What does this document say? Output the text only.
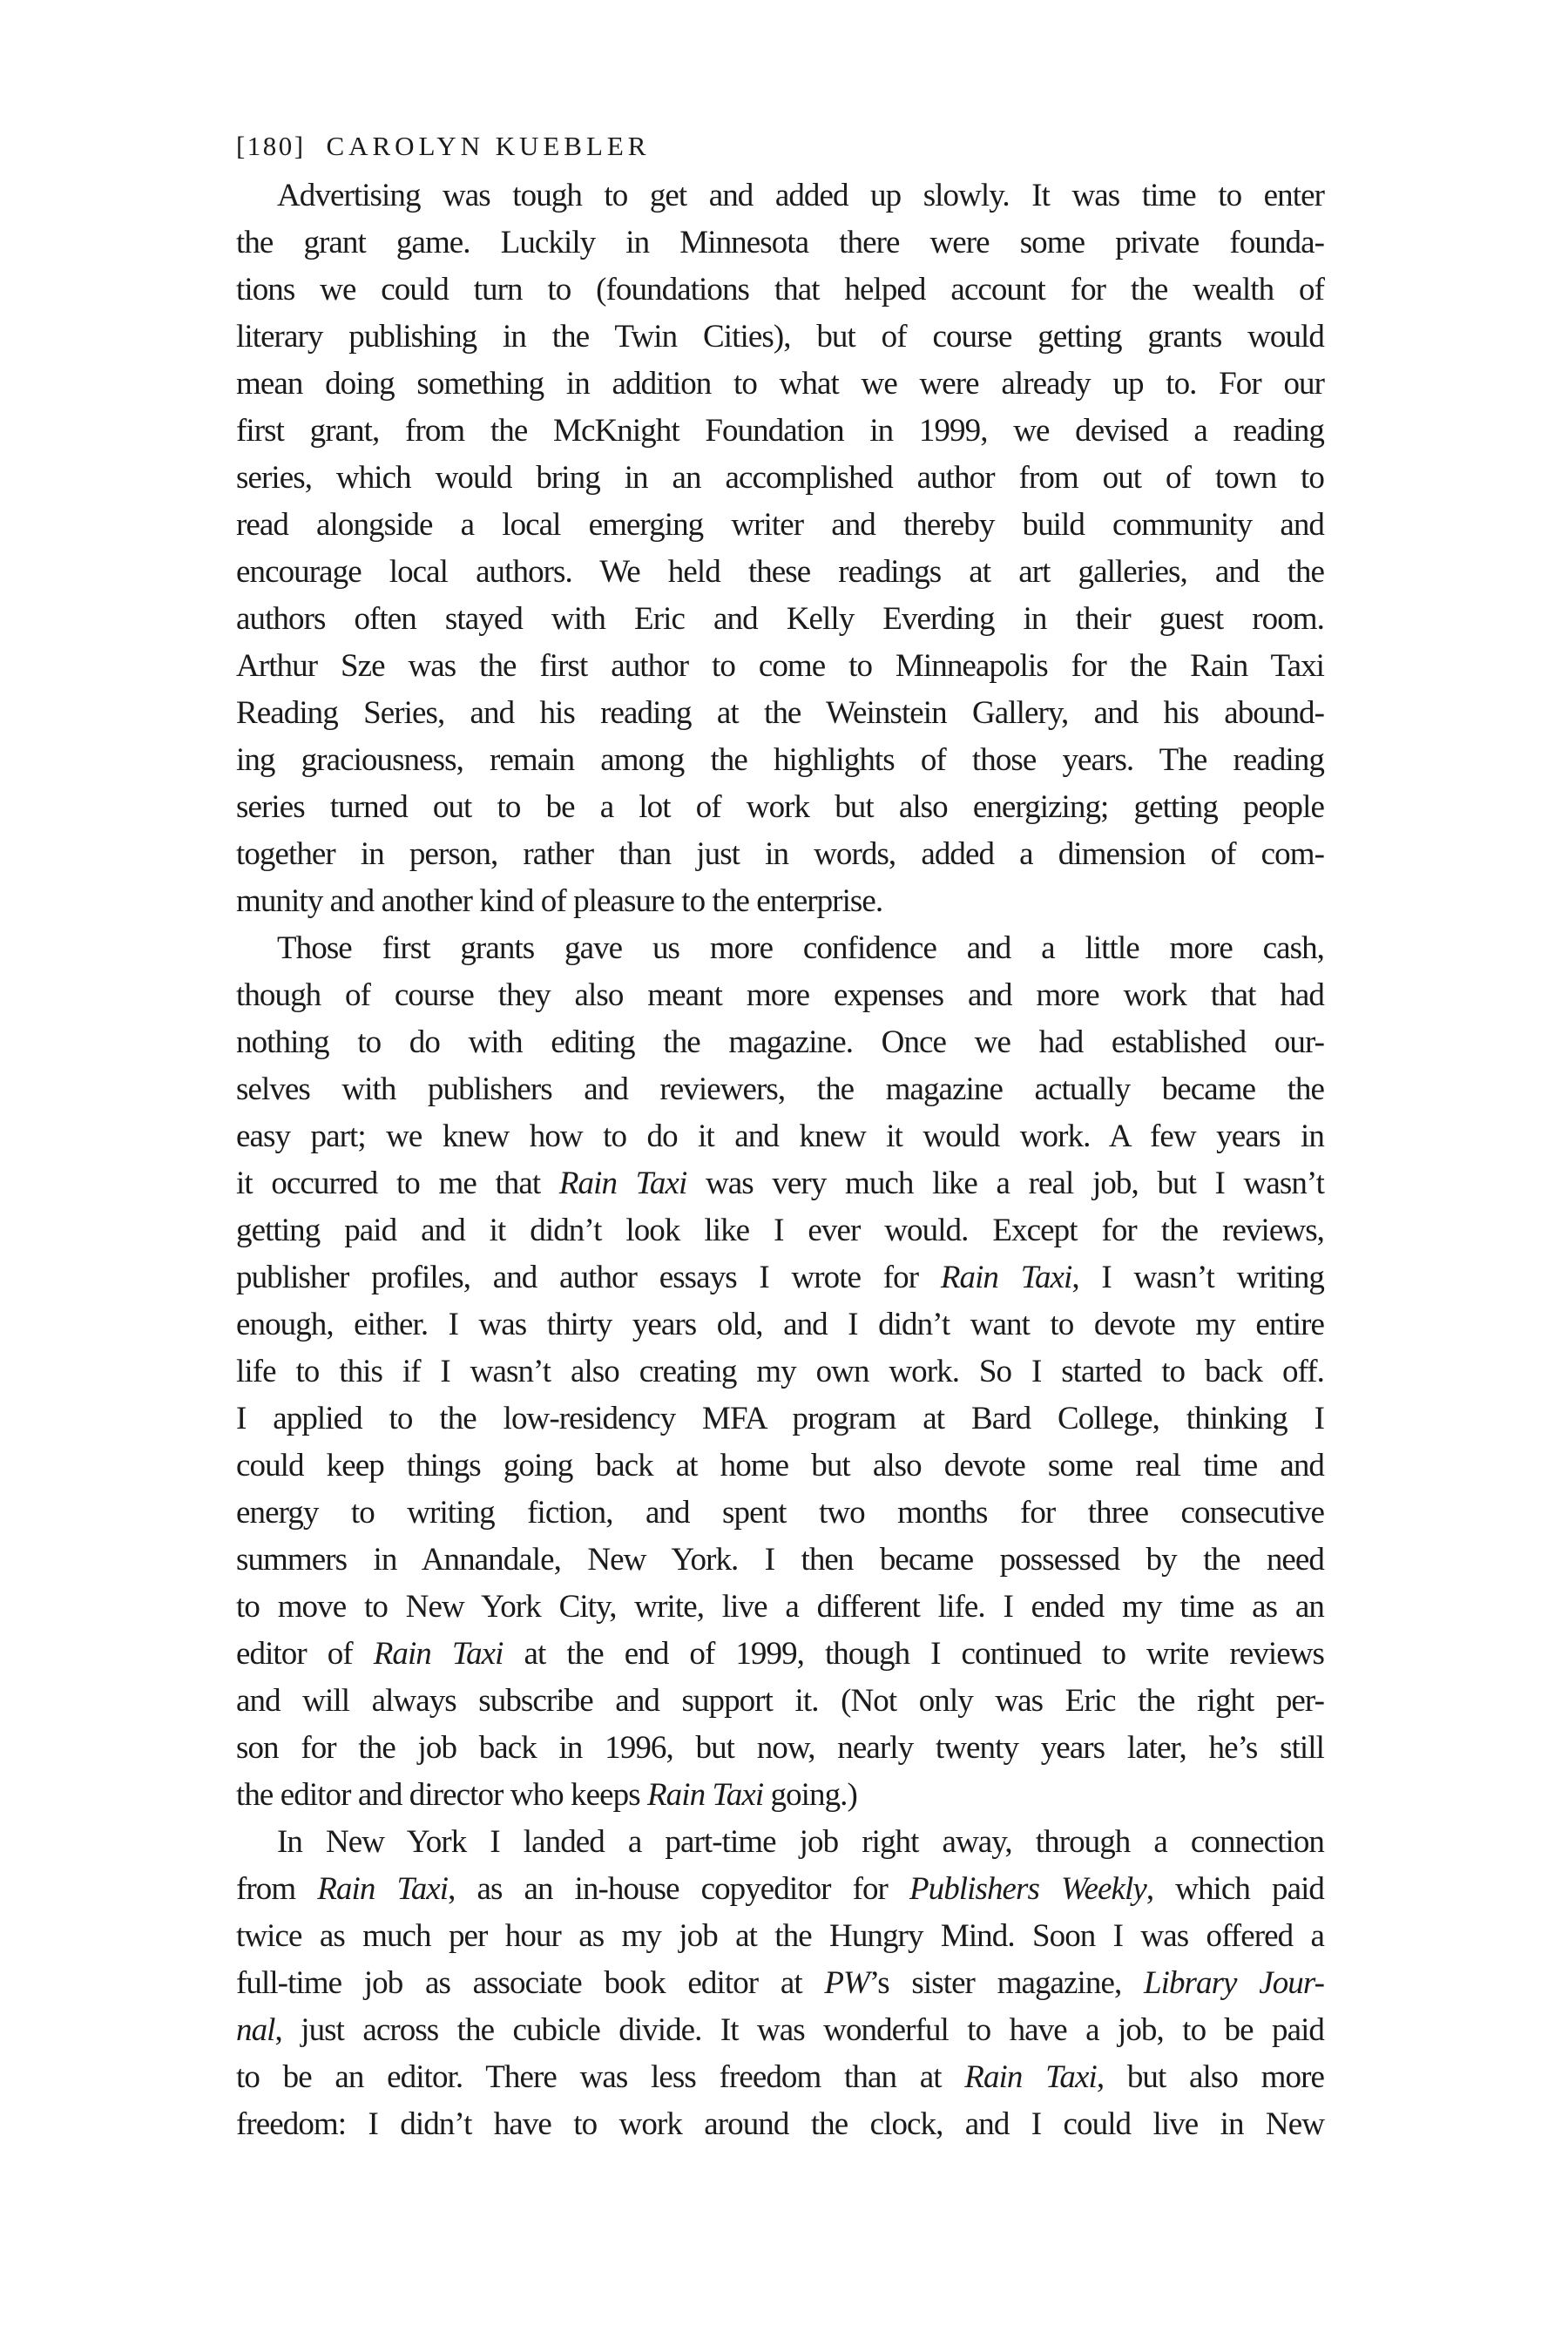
[180] CAROLYN KUEBLER
Advertising was tough to get and added up slowly. It was time to enter
the grant game. Luckily in Minnesota there were some private founda-
tions we could turn to (foundations that helped account for the wealth of
literary publishing in the Twin Cities), but of course getting grants would
mean doing something in addition to what we were already up to. For our
first grant, from the McKnight Foundation in 1999, we devised a reading
series, which would bring in an accomplished author from out of town to
read alongside a local emerging writer and thereby build community and
encourage local authors. We held these readings at art galleries, and the
authors often stayed with Eric and Kelly Everding in their guest room.
Arthur Sze was the first author to come to Minneapolis for the Rain Taxi
Reading Series, and his reading at the Weinstein Gallery, and his abound-
ing graciousness, remain among the highlights of those years. The reading
series turned out to be a lot of work but also energizing; getting people
together in person, rather than just in words, added a dimension of com-
munity and another kind of pleasure to the enterprise.
Those first grants gave us more confidence and a little more cash,
though of course they also meant more expenses and more work that had
nothing to do with editing the magazine. Once we had established our-
selves with publishers and reviewers, the magazine actually became the
easy part; we knew how to do it and knew it would work. A few years in
it occurred to me that Rain Taxi was very much like a real job, but I wasn’t
getting paid and it didn’t look like I ever would. Except for the reviews,
publisher profiles, and author essays I wrote for Rain Taxi, I wasn’t writing
enough, either. I was thirty years old, and I didn’t want to devote my entire
life to this if I wasn’t also creating my own work. So I started to back off.
I applied to the low-residency MFA program at Bard College, thinking I
could keep things going back at home but also devote some real time and
energy to writing fiction, and spent two months for three consecutive
summers in Annandale, New York. I then became possessed by the need
to move to New York City, write, live a different life. I ended my time as an
editor of Rain Taxi at the end of 1999, though I continued to write reviews
and will always subscribe and support it. (Not only was Eric the right per-
son for the job back in 1996, but now, nearly twenty years later, he’s still
the editor and director who keeps Rain Taxi going.)
In New York I landed a part-time job right away, through a connection
from Rain Taxi, as an in-house copyeditor for Publishers Weekly, which paid
twice as much per hour as my job at the Hungry Mind. Soon I was offered a
full-time job as associate book editor at PW’s sister magazine, Library Jour-
nal, just across the cubicle divide. It was wonderful to have a job, to be paid
to be an editor. There was less freedom than at Rain Taxi, but also more
freedom: I didn’t have to work around the clock, and I could live in New
